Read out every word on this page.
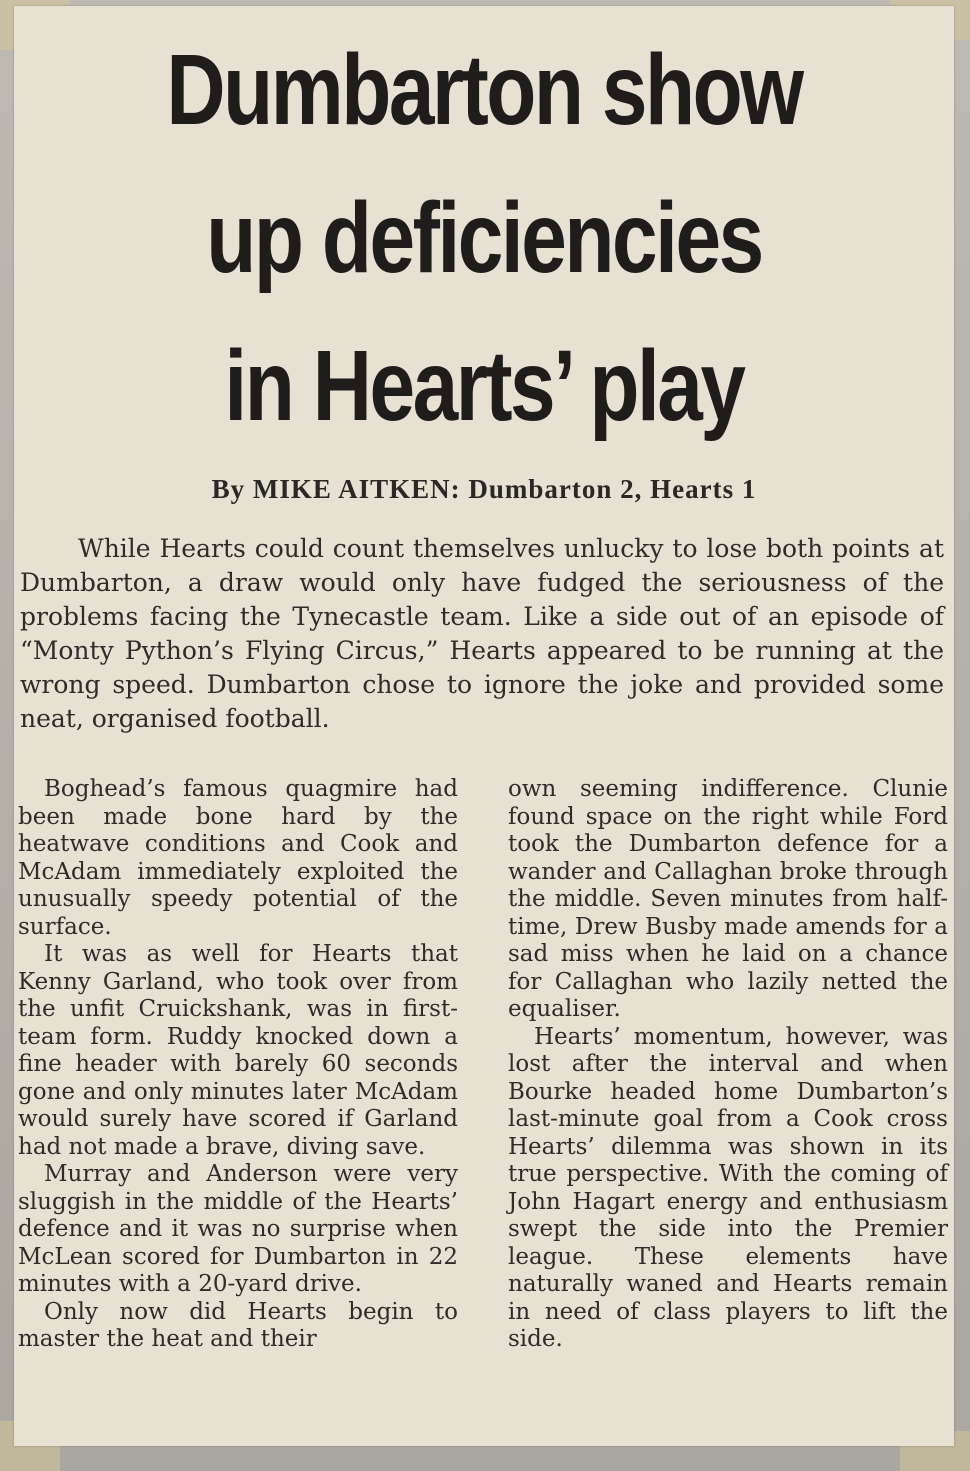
Dumbarton show
up deficiencies
in Hearts’ play
By MIKE AITKEN: Dumbarton 2, Hearts 1

While Hearts could count themselves unlucky to lose both points at Dumbarton, a draw would only have fudged the seriousness of the problems facing the Tynecastle team. Like a side out of an episode of “Monty Python’s Flying Circus,” Hearts appeared to be running at the wrong speed. Dumbarton chose to ignore the joke and provided some neat, organised football.

Boghead’s famous quagmire had been made bone hard by the heatwave conditions and Cook and McAdam immediately exploited the unusually speedy potential of the surface.

It was as well for Hearts that Kenny Garland, who took over from the unfit Cruickshank, was in first-team form. Ruddy knocked down a fine header with barely 60 seconds gone and only minutes later McAdam would surely have scored if Garland had not made a brave, diving save.

Murray and Anderson were very sluggish in the middle of the Hearts’ defence and it was no surprise when McLean scored for Dumbarton in 22 minutes with a 20-yard drive.

Only now did Hearts begin to master the heat and their

own seeming indifference. Clunie found space on the right while Ford took the Dumbarton defence for a wander and Callaghan broke through the middle. Seven minutes from half-time, Drew Busby made amends for a sad miss when he laid on a chance for Callaghan who lazily netted the equaliser.

Hearts’ momentum, however, was lost after the interval and when Bourke headed home Dumbarton’s last-minute goal from a Cook cross Hearts’ dilemma was shown in its true perspective. With the coming of John Hagart energy and enthusiasm swept the side into the Premier league. These elements have naturally waned and Hearts remain in need of class players to lift the side.
